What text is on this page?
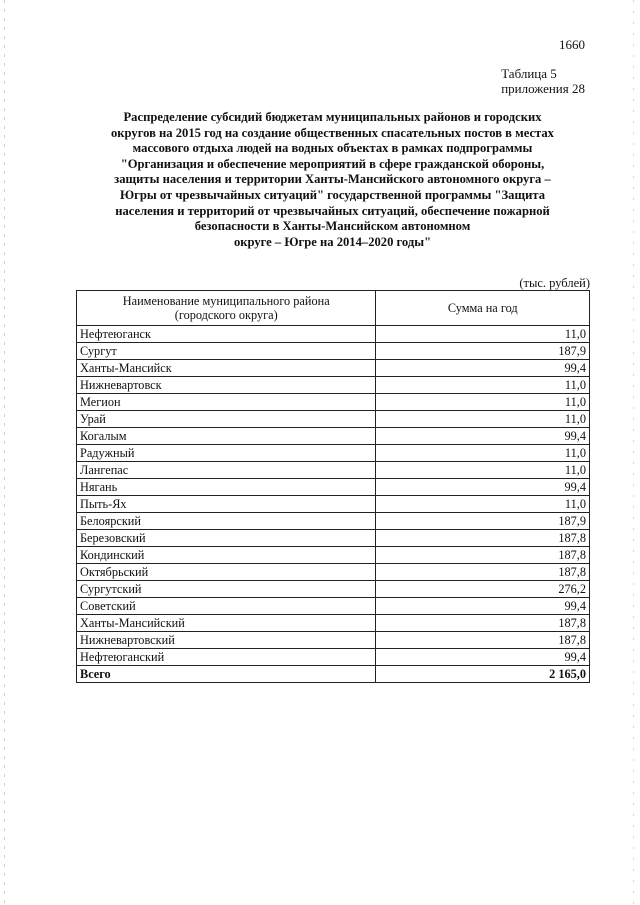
1660
Таблица 5
приложения 28
Распределение субсидий бюджетам муниципальных районов и городских
округов на 2015 год на создание общественных спасательных постов в местах
массового отдыха людей на водных объектах в рамках подпрограммы
"Организация и обеспечение мероприятий в сфере гражданской обороны,
защиты населения и территории Ханты-Мансийского автономного округа –
Югры от чрезвычайных ситуаций" государственной программы "Защита
населения и территорий от чрезвычайных ситуаций, обеспечение пожарной
безопасности в Ханты-Мансийском автономном
округе – Югре на 2014–2020 годы"
(тыс. рублей)
Наименование муниципального района
(городского округа)	Сумма на год
Нефтеюганск	11,0
Сургут	187,9
Ханты-Мансийск	99,4
Нижневартовск	11,0
Мегион	11,0
Урай	11,0
Когалым	99,4
Радужный	11,0
Лангепас	11,0
Нягань	99,4
Пыть-Ях	11,0
Белоярский	187,9
Березовский	187,8
Кондинский	187,8
Октябрьский	187,8
Сургутский	276,2
Советский	99,4
Ханты-Мансийский	187,8
Нижневартовский	187,8
Нефтеюганский	99,4
Всего	2 165,0
